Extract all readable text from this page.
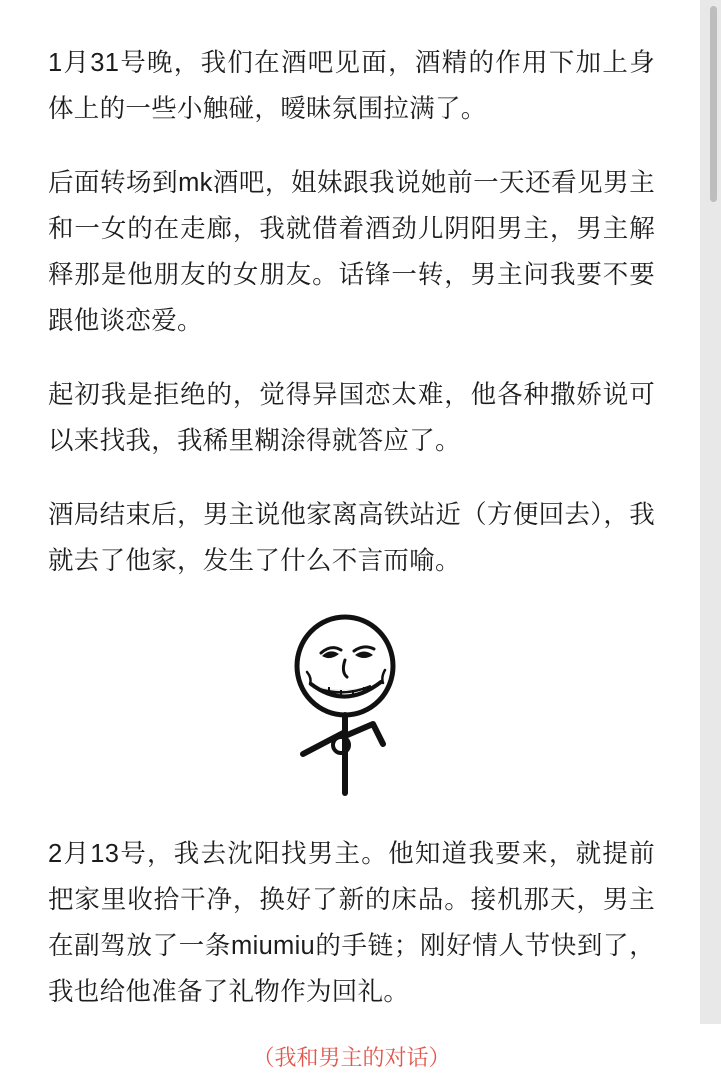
1月31号晚，我们在酒吧见面，酒精的作用下加上身体上的一些小触碰，暧昧氛围拉满了。

后面转场到mk酒吧，姐妹跟我说她前一天还看见男主和一女的在走廊，我就借着酒劲儿阴阳男主，男主解释那是他朋友的女朋友。话锋一转，男主问我要不要跟他谈恋爱。

起初我是拒绝的，觉得异国恋太难，他各种撒娇说可以来找我，我稀里糊涂得就答应了。

酒局结束后，男主说他家离高铁站近（方便回去），我就去了他家，发生了什么不言而喻。

2月13号，我去沈阳找男主。他知道我要来，就提前把家里收拾干净，换好了新的床品。接机那天，男主在副驾放了一条miumiu的手链；刚好情人节快到了，我也给他准备了礼物作为回礼。

（我和男主的对话）
